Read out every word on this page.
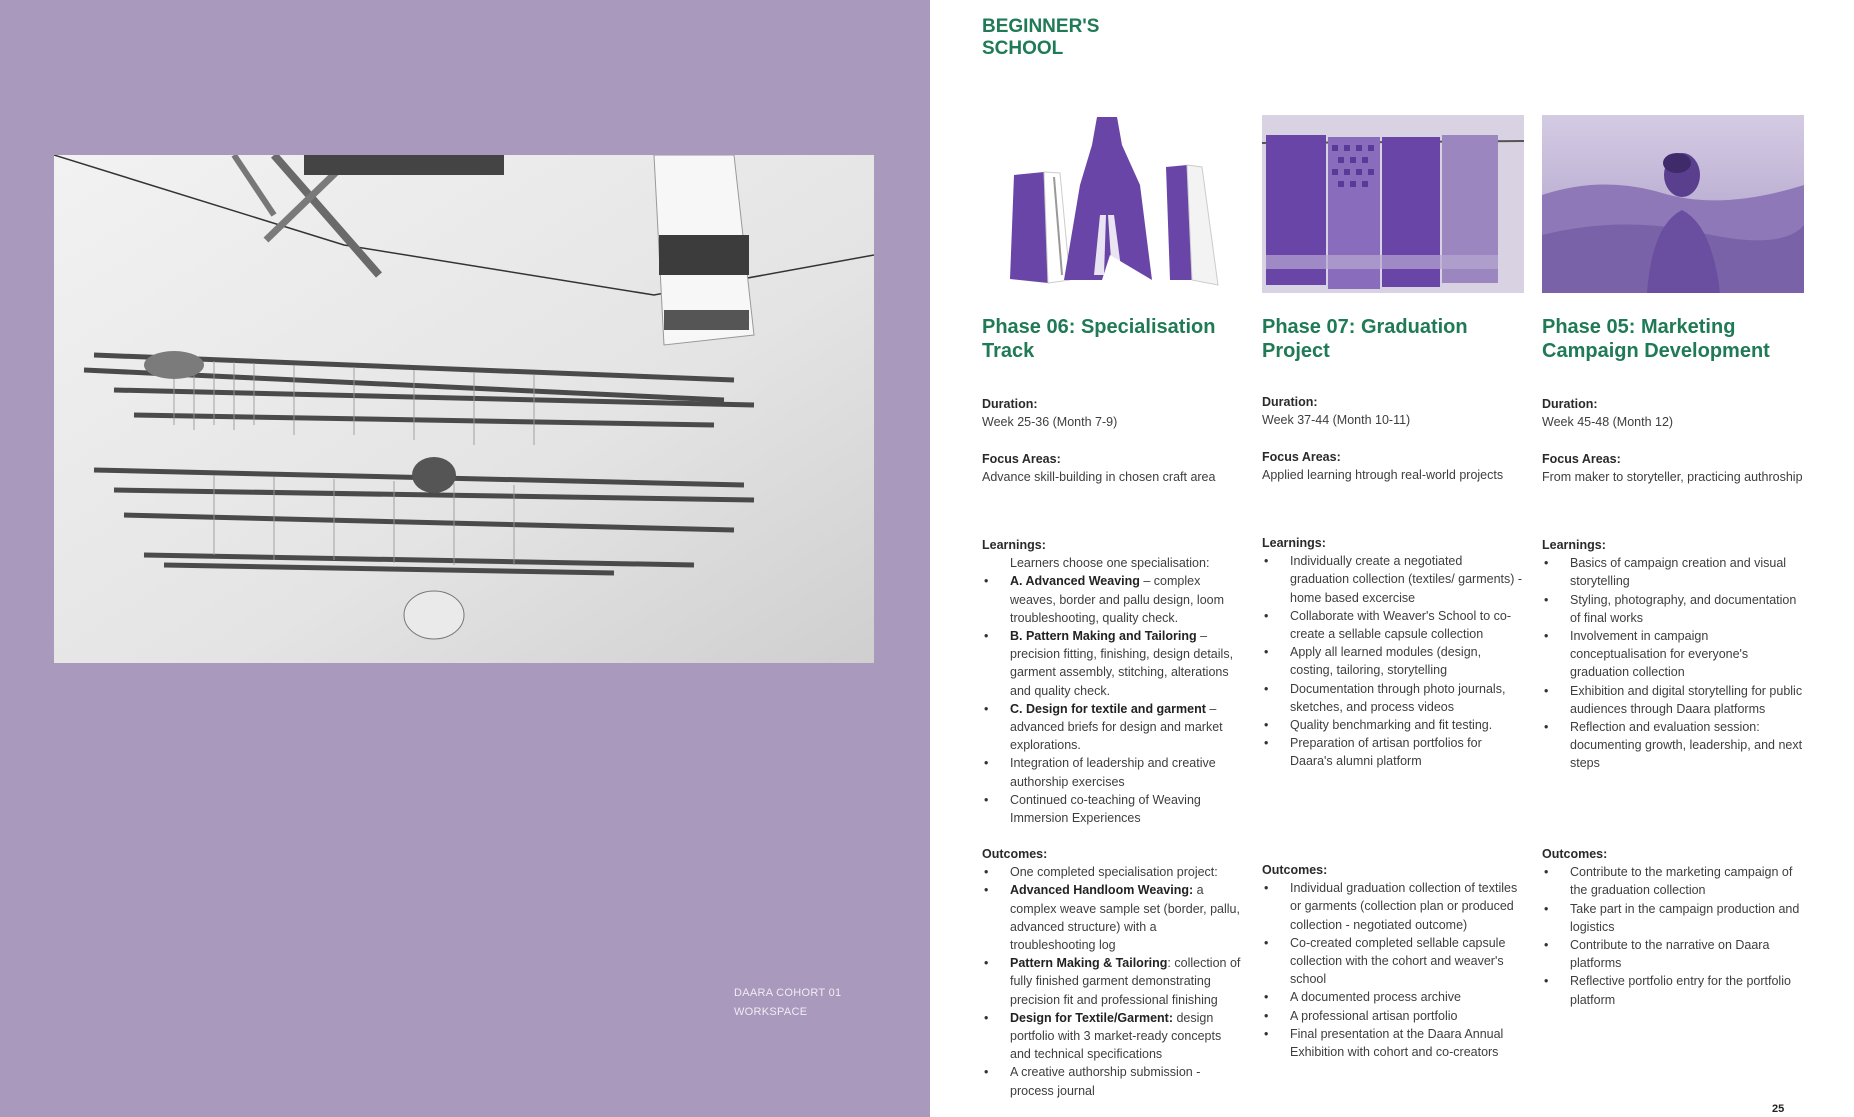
DAARA COHORT 01
WORKSPACE
BEGINNER'S
SCHOOL
Phase 06: Specialisation Track
Duration:
Week 25-36 (Month 7-9)
Focus Areas:
Advance skill-building in chosen craft area
Learnings:
Learners choose one specialisation:
• A. Advanced Weaving – complex weaves, border and pallu design, loom troubleshooting, quality check.
• B. Pattern Making and Tailoring – precision fitting, finishing, design details, garment assembly, stitching, alterations and quality check.
• C. Design for textile and garment – advanced briefs for design and market explorations.
• Integration of leadership and creative authorship exercises
• Continued co-teaching of Weaving Immersion Experiences
Outcomes:
• One completed specialisation project:
• Advanced Handloom Weaving: a complex weave sample set (border, pallu, advanced structure) with a troubleshooting log
• Pattern Making & Tailoring: collection of fully finished garment demonstrating precision fit and professional finishing
• Design for Textile/Garment: design portfolio with 3 market-ready concepts and technical specifications
• A creative authorship submission - process journal
Phase 07: Graduation Project
Duration:
Week 37-44 (Month 10-11)
Focus Areas:
Applied learning htrough real-world projects
Learnings:
• Individually create a negotiated graduation collection (textiles/ garments) - home based excercise
• Collaborate with Weaver's School to co-create a sellable capsule collection
• Apply all learned modules (design, costing, tailoring, storytelling
• Documentation through photo journals, sketches, and process videos
• Quality benchmarking and fit testing.
• Preparation of artisan portfolios for Daara's alumni platform
Outcomes:
• Individual graduation collection of textiles or garments (collection plan or produced collection - negotiated outcome)
• Co-created completed sellable capsule collection with the cohort and weaver's school
• A documented process archive
• A professional artisan portfolio
• Final presentation at the Daara Annual Exhibition with cohort and co-creators
Phase 05: Marketing Campaign Development
Duration:
Week 45-48 (Month 12)
Focus Areas:
From maker to storyteller, practicing authroship
Learnings:
• Basics of campaign creation and visual storytelling
• Styling, photography, and documentation of final works
• Involvement in campaign conceptualisation for everyone's graduation collection
• Exhibition and digital storytelling for public audiences through Daara platforms
• Reflection and evaluation session: documenting growth, leadership, and next steps
Outcomes:
• Contribute to the marketing campaign of the graduation collection
• Take part in the campaign production and logistics
• Contribute to the narrative on Daara platforms
• Reflective portfolio entry for the portfolio platform
25
